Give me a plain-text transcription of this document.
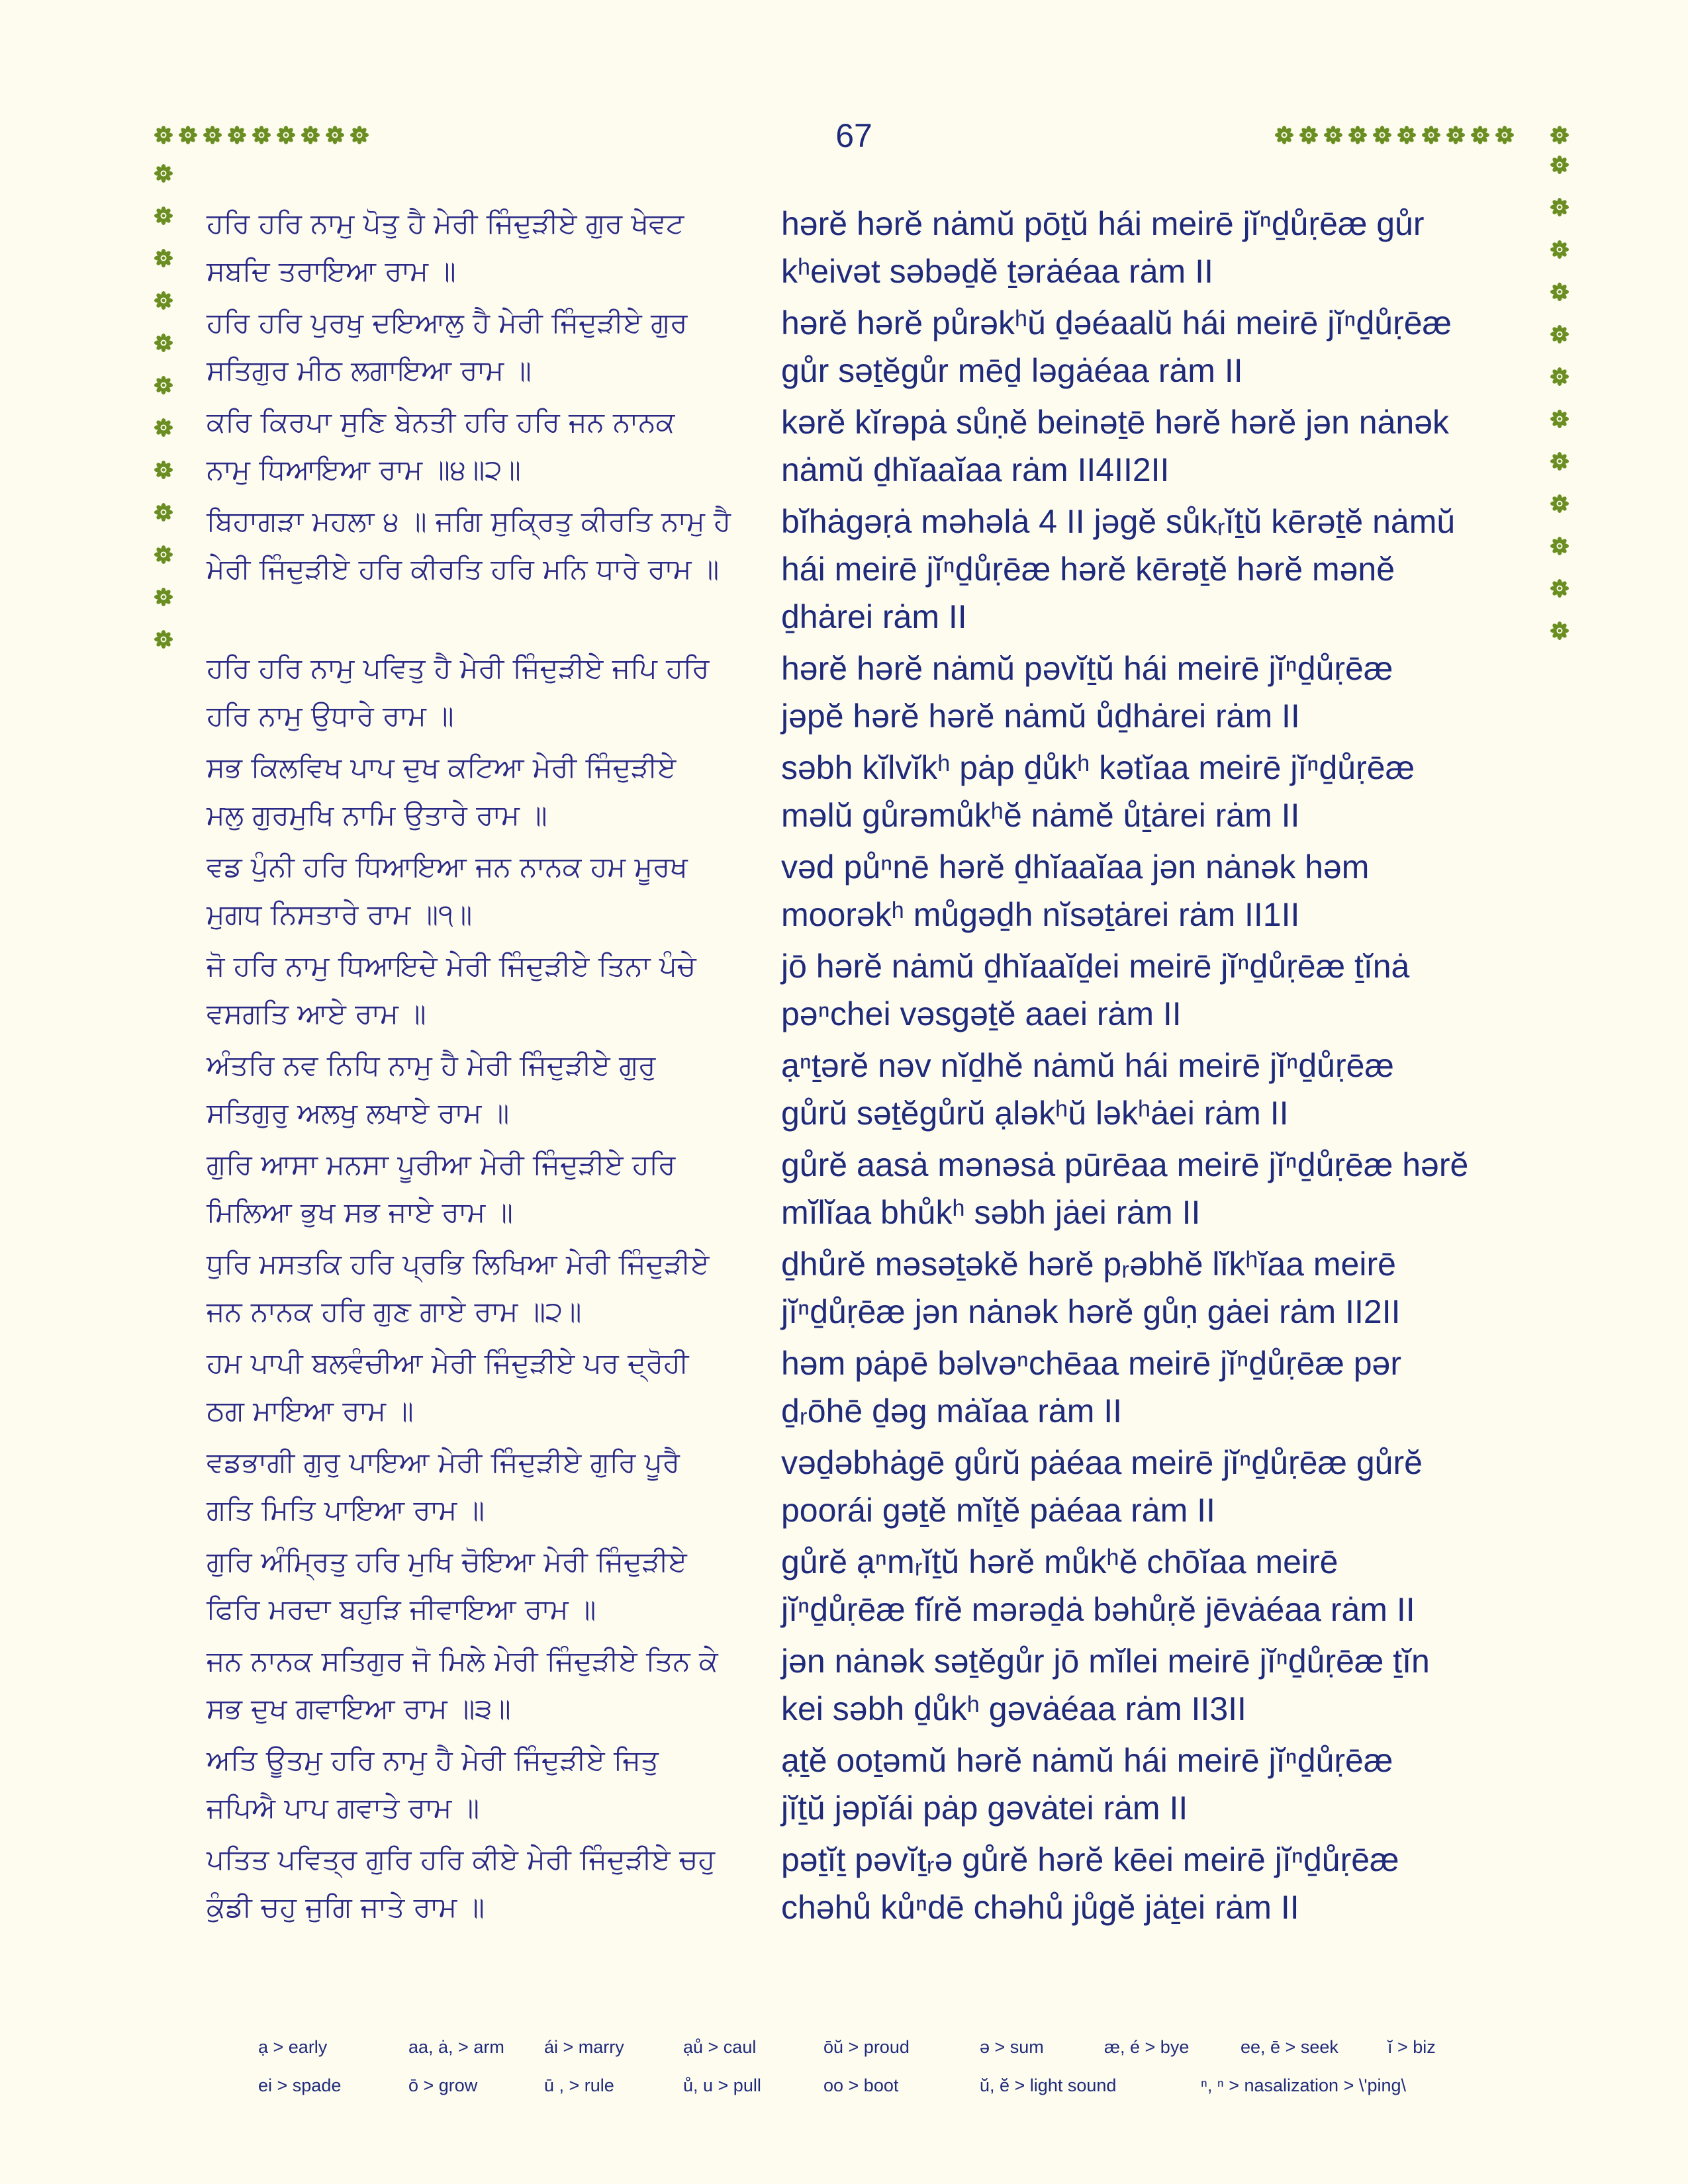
67
ਹਰਿ ਹਰਿ ਨਾਮੁ ਪੋਤੁ ਹੈ ਮੇਰੀ ਜਿੰਦੁੜੀਏ ਗੁਰ ਖੇਵਟ
ਸਬਦਿ ਤਰਾਇਆ ਰਾਮ ॥
hərĕ hərĕ nȧmŭ pōṯŭ hái meirē jĭⁿḏůṛēæ gůr
kʰeivət səbəḏĕ ṯərȧéaa rȧm II
ਹਰਿ ਹਰਿ ਪੁਰਖੁ ਦਇਆਲੁ ਹੈ ਮੇਰੀ ਜਿੰਦੁੜੀਏ ਗੁਰ
ਸਤਿਗੁਰ ਮੀਠ ਲਗਾਇਆ ਰਾਮ ॥
hərĕ hərĕ půrəkʰŭ ḏəéaalŭ hái meirē jĭⁿḏůṛēæ
gůr səṯĕgůr mēḏ ləgȧéaa rȧm II
ਕਰਿ ਕਿਰਪਾ ਸੁਣਿ ਬੇਨਤੀ ਹਰਿ ਹਰਿ ਜਨ ਨਾਨਕ
ਨਾਮੁ ਧਿਆਇਆ ਰਾਮ ॥੪॥੨॥
kərĕ kĭrəpȧ sůṇĕ beinəṯē hərĕ hərĕ jən nȧnək
nȧmŭ ḏhĭaaĭaa rȧm II4II2II
ਬਿਹਾਗੜਾ ਮਹਲਾ ੪ ॥ ਜਗਿ ਸੁਕ੍ਰਿਤੁ ਕੀਰਤਿ ਨਾਮੁ ਹੈ
ਮੇਰੀ ਜਿੰਦੁੜੀਏ ਹਰਿ ਕੀਰਤਿ ਹਰਿ ਮਨਿ ਧਾਰੇ ਰਾਮ ॥
bĭhȧgəṛȧ məhəlȧ 4 II jəgĕ sůkᵣĭṯŭ kērəṯĕ nȧmŭ
hái meirē jĭⁿḏůṛēæ hərĕ kērəṯĕ hərĕ mənĕ
ḏhȧrei rȧm II
ਹਰਿ ਹਰਿ ਨਾਮੁ ਪਵਿਤੁ ਹੈ ਮੇਰੀ ਜਿੰਦੁੜੀਏ ਜਪਿ ਹਰਿ
ਹਰਿ ਨਾਮੁ ਉਧਾਰੇ ਰਾਮ ॥
hərĕ hərĕ nȧmŭ pəvĭṯŭ hái meirē jĭⁿḏůṛēæ
jəpĕ hərĕ hərĕ nȧmŭ ůḏhȧrei rȧm II
ਸਭ ਕਿਲਵਿਖ ਪਾਪ ਦੁਖ ਕਟਿਆ ਮੇਰੀ ਜਿੰਦੁੜੀਏ
ਮਲੁ ਗੁਰਮੁਖਿ ਨਾਮਿ ਉਤਾਰੇ ਰਾਮ ॥
səbh kĭlvĭkʰ pȧp ḏůkʰ kətĭaa meirē jĭⁿḏůṛēæ
məlŭ gůrəmůkʰĕ nȧmĕ ůṯȧrei rȧm II
ਵਡ ਪੁੰਨੀ ਹਰਿ ਧਿਆਇਆ ਜਨ ਨਾਨਕ ਹਮ ਮੂਰਖ
ਮੁਗਧ ਨਿਸਤਾਰੇ ਰਾਮ ॥੧॥
vəd půⁿnē hərĕ ḏhĭaaĭaa jən nȧnək həm
moorəkʰ můgəḏh nĭsəṯȧrei rȧm II1II
ਜੋ ਹਰਿ ਨਾਮੁ ਧਿਆਇਦੇ ਮੇਰੀ ਜਿੰਦੁੜੀਏ ਤਿਨਾ ਪੰਚੇ
ਵਸਗਤਿ ਆਏ ਰਾਮ ॥
jō hərĕ nȧmŭ ḏhĭaaĭḏei meirē jĭⁿḏůṛēæ ṯĭnȧ
pəⁿchei vəsgəṯĕ aaei rȧm II
ਅੰਤਰਿ ਨਵ ਨਿਧਿ ਨਾਮੁ ਹੈ ਮੇਰੀ ਜਿੰਦੁੜੀਏ ਗੁਰੁ
ਸਤਿਗੁਰੁ ਅਲਖੁ ਲਖਾਏ ਰਾਮ ॥
ạⁿṯərĕ nəv nĭḏhĕ nȧmŭ hái meirē jĭⁿḏůṛēæ
gůrŭ səṯĕgůrŭ ạləkʰŭ ləkʰȧei rȧm II
ਗੁਰਿ ਆਸਾ ਮਨਸਾ ਪੂਰੀਆ ਮੇਰੀ ਜਿੰਦੁੜੀਏ ਹਰਿ
ਮਿਲਿਆ ਭੁਖ ਸਭ ਜਾਏ ਰਾਮ ॥
gůrĕ aasȧ mənəsȧ pūrēaa meirē jĭⁿḏůṛēæ hərĕ
mĭlĭaa bhůkʰ səbh jȧei rȧm II
ਧੁਰਿ ਮਸਤਕਿ ਹਰਿ ਪ੍ਰਭਿ ਲਿਖਿਆ ਮੇਰੀ ਜਿੰਦੁੜੀਏ
ਜਨ ਨਾਨਕ ਹਰਿ ਗੁਣ ਗਾਏ ਰਾਮ ॥੨॥
ḏhůrĕ məsəṯəkĕ hərĕ pᵣəbhĕ lĭkʰĭaa meirē
jĭⁿḏůṛēæ jən nȧnək hərĕ gůṇ gȧei rȧm II2II
ਹਮ ਪਾਪੀ ਬਲਵੰਚੀਆ ਮੇਰੀ ਜਿੰਦੁੜੀਏ ਪਰ ਦ੍ਰੋਹੀ
ਠਗ ਮਾਇਆ ਰਾਮ ॥
həm pȧpē bəlvəⁿchēaa meirē jĭⁿḏůṛēæ pər
ḏᵣōhē ḏəg mȧĭaa rȧm II
ਵਡਭਾਗੀ ਗੁਰੁ ਪਾਇਆ ਮੇਰੀ ਜਿੰਦੁੜੀਏ ਗੁਰਿ ਪੂਰੈ
ਗਤਿ ਮਿਤਿ ਪਾਇਆ ਰਾਮ ॥
vəḏəbhȧgē gůrŭ pȧéaa meirē jĭⁿḏůṛēæ gůrĕ
poorái gəṯĕ mĭṯĕ pȧéaa rȧm II
ਗੁਰਿ ਅੰਮ੍ਰਿਤੁ ਹਰਿ ਮੁਖਿ ਚੋਇਆ ਮੇਰੀ ਜਿੰਦੁੜੀਏ
ਫਿਰਿ ਮਰਦਾ ਬਹੁੜਿ ਜੀਵਾਇਆ ਰਾਮ ॥
gůrĕ ạⁿmᵣĭṯŭ hərĕ můkʰĕ chōĭaa meirē
jĭⁿḏůṛēæ fĭrĕ mərəḏȧ bəhůṛĕ jēvȧéaa rȧm II
ਜਨ ਨਾਨਕ ਸਤਿਗੁਰ ਜੋ ਮਿਲੇ ਮੇਰੀ ਜਿੰਦੁੜੀਏ ਤਿਨ ਕੇ
ਸਭ ਦੁਖ ਗਵਾਇਆ ਰਾਮ ॥੩॥
jən nȧnək səṯĕgůr jō mĭlei meirē jĭⁿḏůṛēæ ṯĭn
kei səbh ḏůkʰ gəvȧéaa rȧm II3II
ਅਤਿ ਊਤਮੁ ਹਰਿ ਨਾਮੁ ਹੈ ਮੇਰੀ ਜਿੰਦੁੜੀਏ ਜਿਤੁ
ਜਪਿਐ ਪਾਪ ਗਵਾਤੇ ਰਾਮ ॥
ạṯĕ ooṯəmŭ hərĕ nȧmŭ hái meirē jĭⁿḏůṛēæ
jĭṯŭ jəpĭái pȧp gəvȧtei rȧm II
ਪਤਿਤ ਪਵਿਤ੍ਰ ਗੁਰਿ ਹਰਿ ਕੀਏ ਮੇਰੀ ਜਿੰਦੁੜੀਏ ਚਹੁ
ਕੁੰਡੀ ਚਹੁ ਜੁਗਿ ਜਾਤੇ ਰਾਮ ॥
pəṯĭṯ pəvĭṯᵣə gůrĕ hərĕ kēei meirē jĭⁿḏůṛēæ
chəhů kůⁿdē chəhů jůgĕ jȧṯei rȧm II
ạ > early	aa, ȧ, > arm ái > marry	ạů > caul	ōŭ > proud	ə > sum	æ, é > bye	ee, ē > seek	ĭ > biz
ei > spade	ō > grow	ū , > rule	ů, u > pull	oo > boot	ŭ, ĕ > light sound	ⁿ, ⁿ > nasalization > \'ping\
